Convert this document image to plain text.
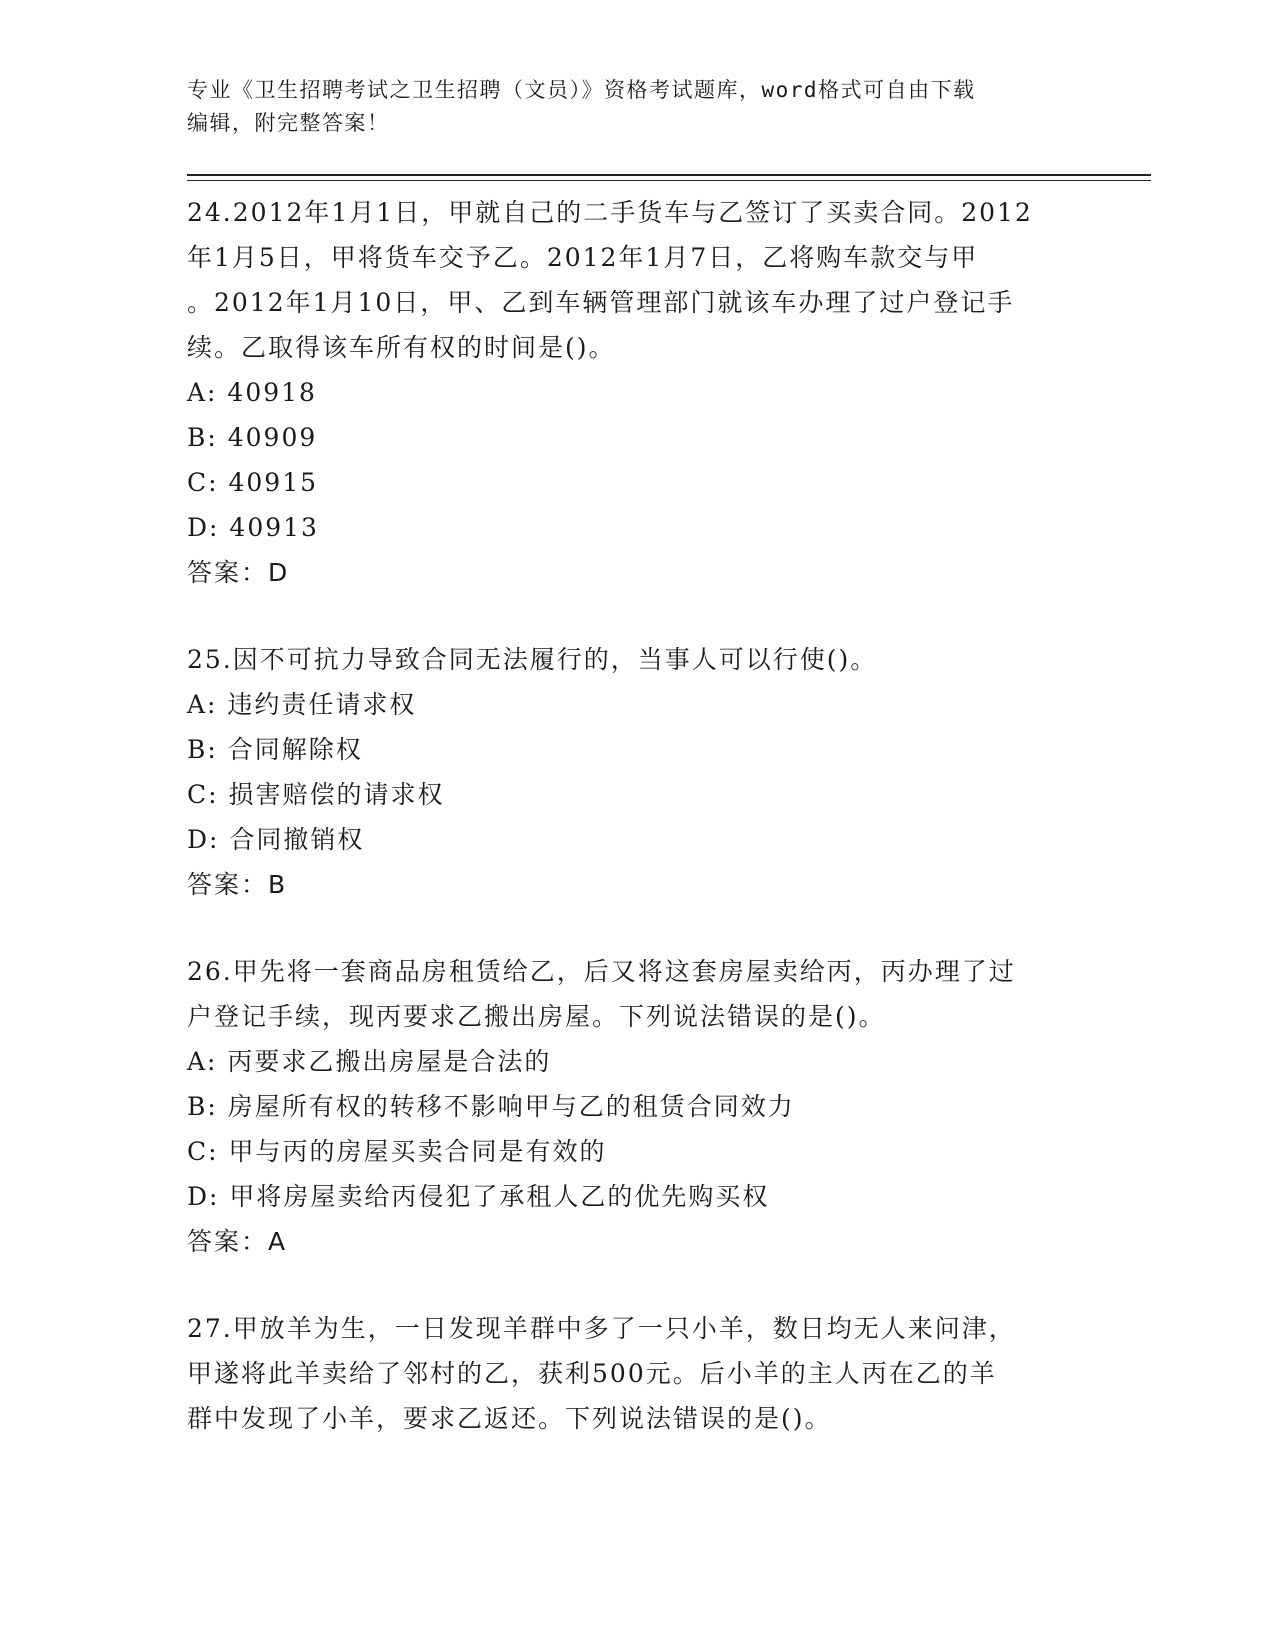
专业《卫生招聘考试之卫生招聘（文员）》资格考试题库，word格式可自由下载
编辑，附完整答案！
24.2012年1月1日，甲就自己的二手货车与乙签订了买卖合同。2012
年1月5日，甲将货车交予乙。2012年1月7日，乙将购车款交与甲
。2012年1月10日，甲、乙到车辆管理部门就该车办理了过户登记手
续。乙取得该车所有权的时间是()。
A: 40918
B: 40909
C: 40915
D: 40913
答案：D
25.因不可抗力导致合同无法履行的，当事人可以行使()。
A: 违约责任请求权
B: 合同解除权
C: 损害赔偿的请求权
D: 合同撤销权
答案：B
26.甲先将一套商品房租赁给乙，后又将这套房屋卖给丙，丙办理了过
户登记手续，现丙要求乙搬出房屋。下列说法错误的是()。
A: 丙要求乙搬出房屋是合法的
B: 房屋所有权的转移不影响甲与乙的租赁合同效力
C: 甲与丙的房屋买卖合同是有效的
D: 甲将房屋卖给丙侵犯了承租人乙的优先购买权
答案：A
27.甲放羊为生，一日发现羊群中多了一只小羊，数日均无人来问津，
甲遂将此羊卖给了邻村的乙，获利500元。后小羊的主人丙在乙的羊
群中发现了小羊，要求乙返还。下列说法错误的是()。
